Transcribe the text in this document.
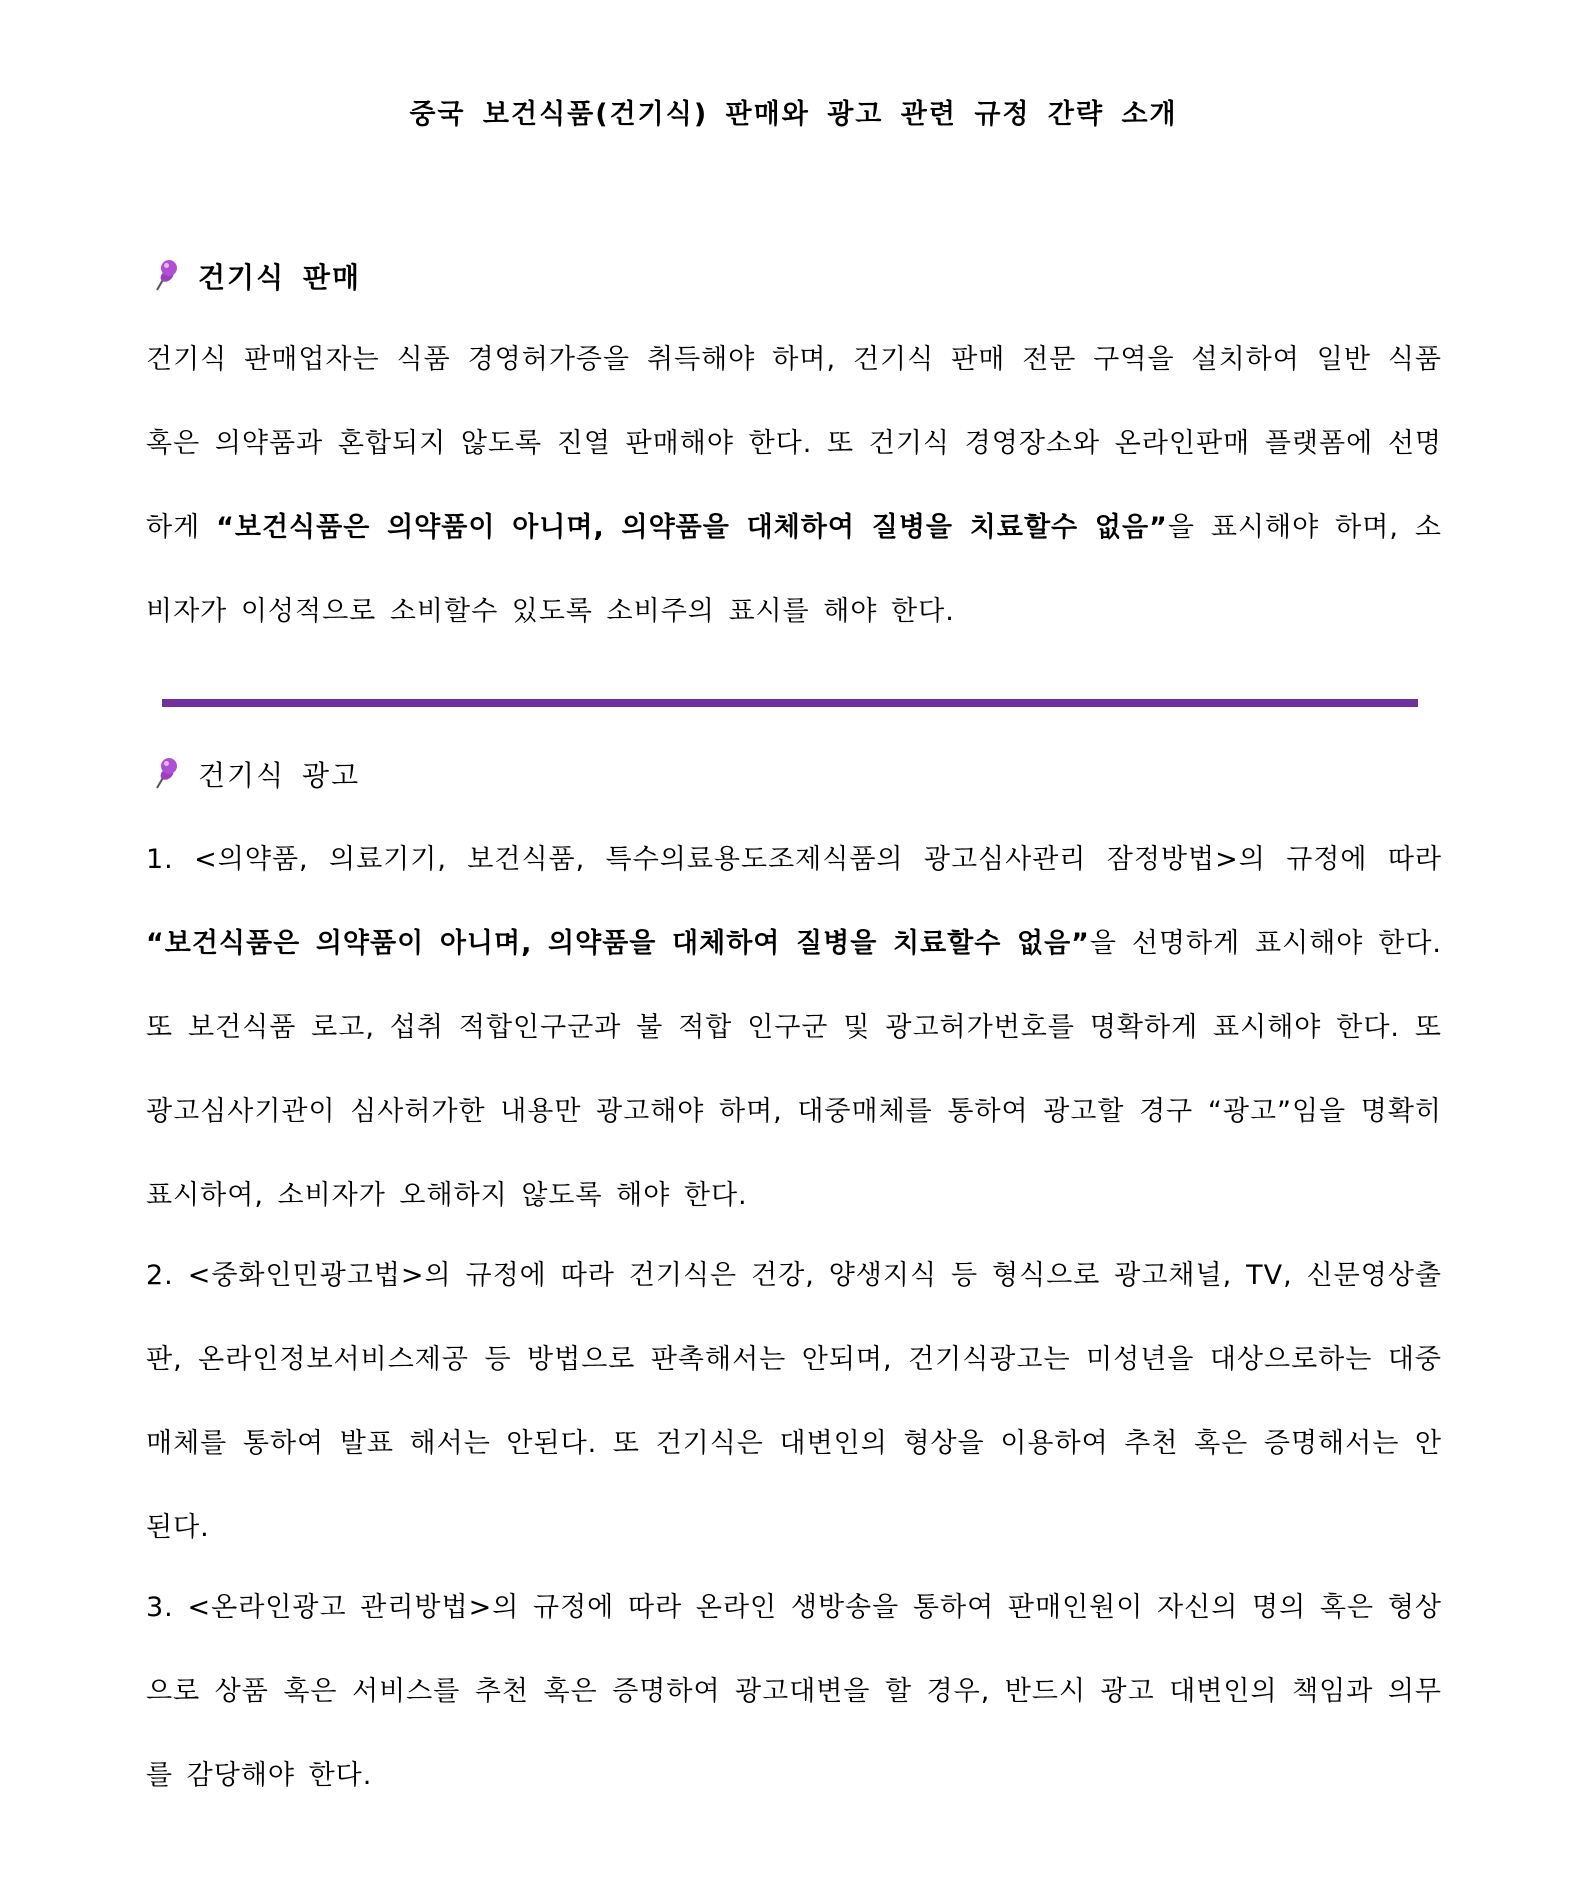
중국 보건식품(건기식) 판매와 광고 관련 규정 간략 소개
건기식 판매
건기식 판매업자는 식품 경영허가증을 취득해야 하며, 건기식 판매 전문 구역을 설치하여 일반 식품 혹은 의약품과 혼합되지 않도록 진열 판매해야 한다. 또 건기식 경영장소와 온라인판매 플랫폼에 선명하게 “보건식품은 의약품이 아니며, 의약품을 대체하여 질병을 치료할수 없음”을 표시해야 하며, 소비자가 이성적으로 소비할수 있도록 소비주의 표시를 해야 한다.
건기식 광고
1. <의약품, 의료기기, 보건식품, 특수의료용도조제식품의 광고심사관리 잠정방법>의 규정에 따라 “보건식품은 의약품이 아니며, 의약품을 대체하여 질병을 치료할수 없음”을 선명하게 표시해야 한다. 또 보건식품 로고, 섭취 적합인구군과 불 적합 인구군 및 광고허가번호를 명확하게 표시해야 한다. 또 광고심사기관이 심사허가한 내용만 광고해야 하며, 대중매체를 통하여 광고할 경구 “광고”임을 명확히 표시하여, 소비자가 오해하지 않도록 해야 한다.
2. <중화인민광고법>의 규정에 따라 건기식은 건강, 양생지식 등 형식으로 광고채널, TV, 신문영상출판, 온라인정보서비스제공 등 방법으로 판촉해서는 안되며, 건기식광고는 미성년을 대상으로하는 대중매체를 통하여 발표 해서는 안된다. 또 건기식은 대변인의 형상을 이용하여 추천 혹은 증명해서는 안된다.
3. <온라인광고 관리방법>의 규정에 따라 온라인 생방송을 통하여 판매인원이 자신의 명의 혹은 형상으로 상품 혹은 서비스를 추천 혹은 증명하여 광고대변을 할 경우, 반드시 광고 대변인의 책임과 의무를 감당해야 한다.
